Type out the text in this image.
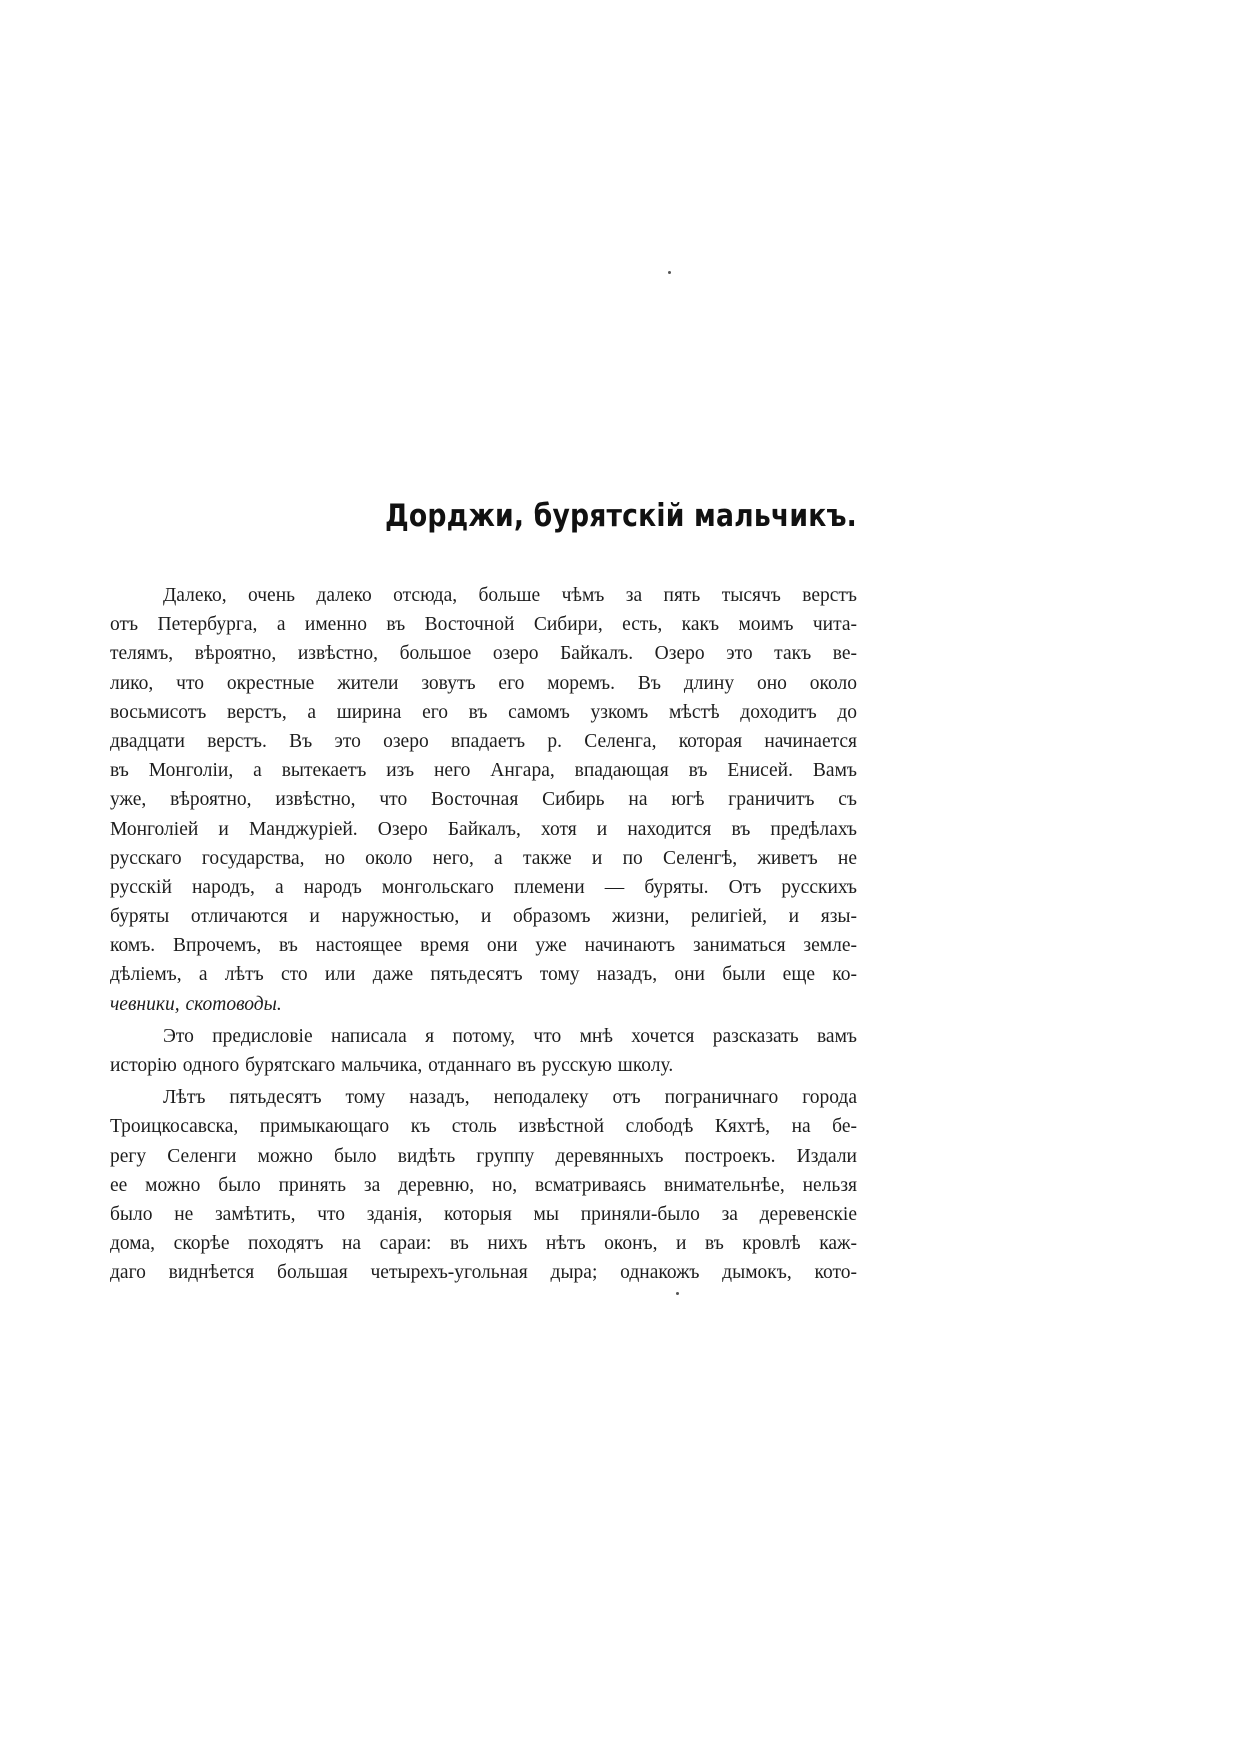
Дорджи, бурятскій мальчикъ.
Далеко, очень далеко отсюда, больше чѣмъ за пять тысячъ верстъ
отъ Петербурга, а именно въ Восточной Сибири, есть, какъ моимъ чита-
телямъ, вѣроятно, извѣстно, большое озеро Байкалъ. Озеро это такъ ве-
лико, что окрестные жители зовутъ его моремъ. Въ длину оно около
восьмисотъ верстъ, а ширина его въ самомъ узкомъ мѣстѣ доходитъ до
двадцати верстъ. Въ это озеро впадаетъ р. Селенга, которая начинается
въ Монголіи, а вытекаетъ изъ него Ангара, впадающая въ Енисей. Вамъ
уже, вѣроятно, извѣстно, что Восточная Сибирь на югѣ граничитъ съ
Монголіей и Манджуріей. Озеро Байкалъ, хотя и находится въ предѣлахъ
русскаго государства, но около него, а также и по Селенгѣ, живетъ не
русскій народъ, а народъ монгольскаго племени — буряты. Отъ русскихъ
буряты отличаются и наружностью, и образомъ жизни, религіей, и язы-
комъ. Впрочемъ, въ настоящее время они уже начинаютъ заниматься земле-
дѣліемъ, а лѣтъ сто или даже пятьдесятъ тому назадъ, они были еще ко-
чевники, скотоводы.
Это предисловіе написала я потому, что мнѣ хочется разсказать вамъ
исторію одного бурятскаго мальчика, отданнаго въ русскую школу.
Лѣтъ пятьдесятъ тому назадъ, неподалеку отъ пограничнаго города
Троицкосавска, примыкающаго къ столь извѣстной слободѣ Кяхтѣ, на бе-
регу Селенги можно было видѣть группу деревянныхъ построекъ. Издали
ее можно было принять за деревню, но, всматриваясь внимательнѣе, нельзя
было не замѣтить, что зданія, которыя мы приняли-было за деревенскіе
дома, скорѣе походятъ на сараи: въ нихъ нѣтъ оконъ, и въ кровлѣ каж-
даго виднѣется большая четырехъ-угольная дыра; однакожъ дымокъ, кото-
